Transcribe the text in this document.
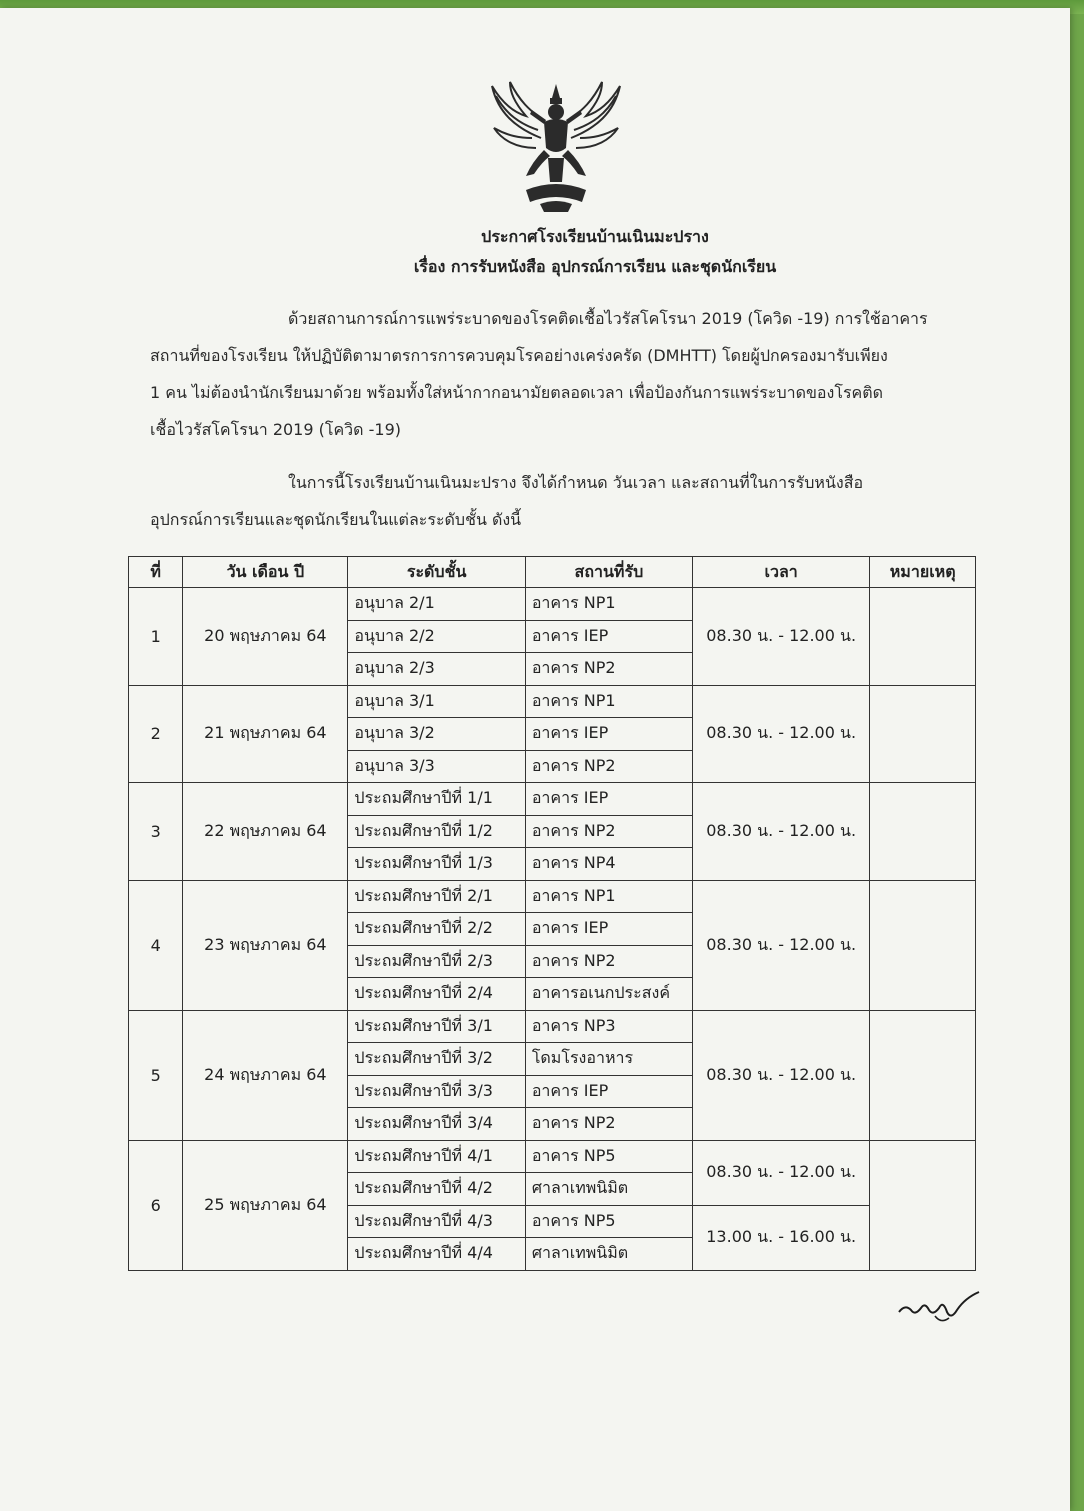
ประกาศโรงเรียนบ้านเนินมะปราง
เรื่อง การรับหนังสือ อุปกรณ์การเรียน และชุดนักเรียน
ด้วยสถานการณ์การแพร่ระบาดของโรคติดเชื้อไวรัสโคโรนา 2019 (โควิด -19) การใช้อาคาร
สถานที่ของโรงเรียน ให้ปฏิบัติตามาตรการการควบคุมโรคอย่างเคร่งครัด (DMHTT) โดยผู้ปกครองมารับเพียง
1 คน ไม่ต้องนำนักเรียนมาด้วย พร้อมทั้งใส่หน้ากากอนามัยตลอดเวลา เพื่อป้องกันการแพร่ระบาดของโรคติด
เชื้อไวรัสโคโรนา 2019 (โควิด -19)
ในการนี้โรงเรียนบ้านเนินมะปราง จึงได้กำหนด วันเวลา และสถานที่ในการรับหนังสือ
อุปกรณ์การเรียนและชุดนักเรียนในแต่ละระดับชั้น ดังนี้
ที่	วัน เดือน ปี	ระดับชั้น	สถานที่รับ	เวลา	หมายเหตุ
1	20 พฤษภาคม 64	อนุบาล 2/1	อาคาร NP1	08.30 น. - 12.00 น.	
		อนุบาล 2/2	อาคาร IEP		
		อนุบาล 2/3	อาคาร NP2		
2	21 พฤษภาคม 64	อนุบาล 3/1	อาคาร NP1	08.30 น. - 12.00 น.	
		อนุบาล 3/2	อาคาร IEP		
		อนุบาล 3/3	อาคาร NP2		
3	22 พฤษภาคม 64	ประถมศึกษาปีที่ 1/1	อาคาร IEP	08.30 น. - 12.00 น.	
		ประถมศึกษาปีที่ 1/2	อาคาร NP2		
		ประถมศึกษาปีที่ 1/3	อาคาร NP4		
4	23 พฤษภาคม 64	ประถมศึกษาปีที่ 2/1	อาคาร NP1	08.30 น. - 12.00 น.	
		ประถมศึกษาปีที่ 2/2	อาคาร IEP		
		ประถมศึกษาปีที่ 2/3	อาคาร NP2		
		ประถมศึกษาปีที่ 2/4	อาคารอเนกประสงค์		
5	24 พฤษภาคม 64	ประถมศึกษาปีที่ 3/1	อาคาร NP3	08.30 น. - 12.00 น.	
		ประถมศึกษาปีที่ 3/2	โดมโรงอาหาร		
		ประถมศึกษาปีที่ 3/3	อาคาร IEP		
		ประถมศึกษาปีที่ 3/4	อาคาร NP2		
6	25 พฤษภาคม 64	ประถมศึกษาปีที่ 4/1	อาคาร NP5	08.30 น. - 12.00 น.	
		ประถมศึกษาปีที่ 4/2	ศาลาเทพนิมิต		
		ประถมศึกษาปีที่ 4/3	อาคาร NP5	13.00 น. - 16.00 น.	
		ประถมศึกษาปีที่ 4/4	ศาลาเทพนิมิต		
